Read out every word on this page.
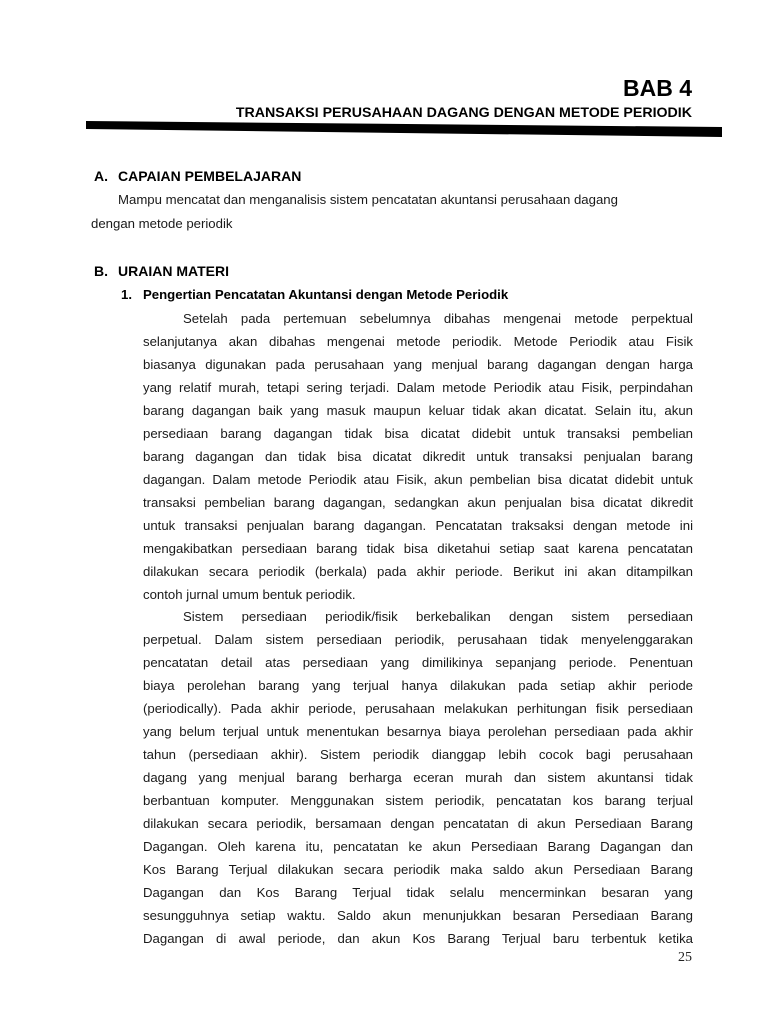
BAB 4
TRANSAKSI PERUSAHAAN DAGANG DENGAN METODE PERIODIK
A. CAPAIAN PEMBELAJARAN
Mampu mencatat dan menganalisis sistem pencatatan akuntansi perusahaan dagang
dengan metode periodik
B. URAIAN MATERI
1. Pengertian Pencatatan Akuntansi dengan Metode Periodik
Setelah pada pertemuan sebelumnya dibahas mengenai metode perpektual
selanjutanya akan dibahas mengenai metode periodik. Metode Periodik atau Fisik
biasanya digunakan pada perusahaan yang menjual barang dagangan dengan harga
yang relatif murah, tetapi sering terjadi. Dalam metode Periodik atau Fisik, perpindahan
barang dagangan baik yang masuk maupun keluar tidak akan dicatat. Selain itu, akun
persediaan barang dagangan tidak bisa dicatat didebit untuk transaksi pembelian
barang dagangan dan tidak bisa dicatat dikredit untuk transaksi penjualan barang
dagangan. Dalam metode Periodik atau Fisik, akun pembelian bisa dicatat didebit untuk
transaksi pembelian barang dagangan, sedangkan akun penjualan bisa dicatat dikredit
untuk transaksi penjualan barang dagangan. Pencatatan traksaksi dengan metode ini
mengakibatkan persediaan barang tidak bisa diketahui setiap saat karena pencatatan
dilakukan secara periodik (berkala) pada akhir periode. Berikut ini akan ditampilkan
contoh jurnal umum bentuk periodik.
Sistem persediaan periodik/fisik berkebalikan dengan sistem persediaan
perpetual. Dalam sistem persediaan periodik, perusahaan tidak menyelenggarakan
pencatatan detail atas persediaan yang dimilikinya sepanjang periode. Penentuan
biaya perolehan barang yang terjual hanya dilakukan pada setiap akhir periode
(periodically). Pada akhir periode, perusahaan melakukan perhitungan fisik persediaan
yang belum terjual untuk menentukan besarnya biaya perolehan persediaan pada akhir
tahun (persediaan akhir). Sistem periodik dianggap lebih cocok bagi perusahaan
dagang yang menjual barang berharga eceran murah dan sistem akuntansi tidak
berbantuan komputer. Menggunakan sistem periodik, pencatatan kos barang terjual
dilakukan secara periodik, bersamaan dengan pencatatan di akun Persediaan Barang
Dagangan. Oleh karena itu, pencatatan ke akun Persediaan Barang Dagangan dan
Kos Barang Terjual dilakukan secara periodik maka saldo akun Persediaan Barang
Dagangan dan Kos Barang Terjual tidak selalu mencerminkan besaran yang
sesungguhnya setiap waktu. Saldo akun menunjukkan besaran Persediaan Barang
Dagangan di awal periode, dan akun Kos Barang Terjual baru terbentuk ketika
25
